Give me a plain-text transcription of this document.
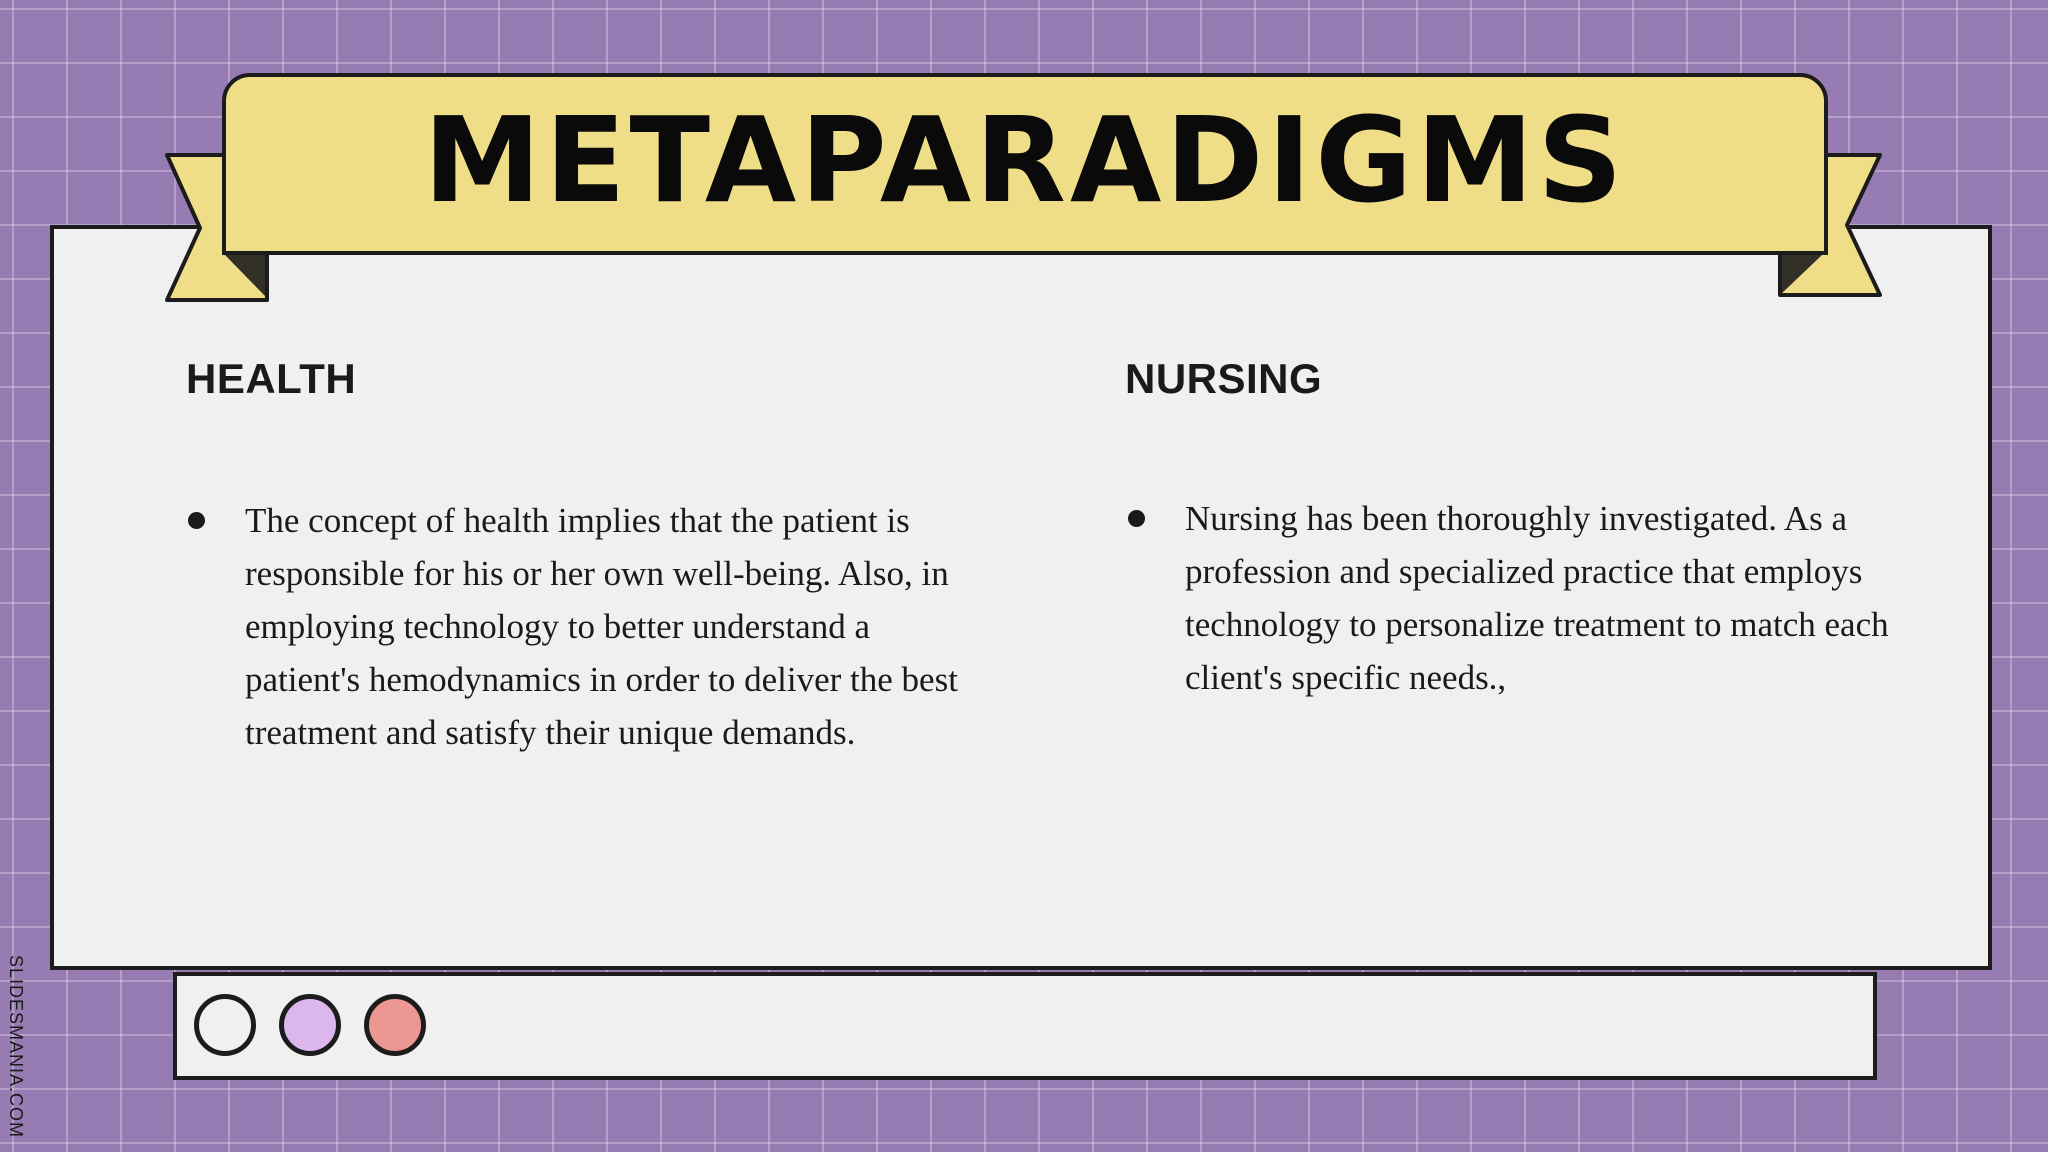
METAPARADIGMS
HEALTH	NURSING
The concept of health implies that the patient is responsible for his or her own well-being. Also, in employing technology to better understand a patient's hemodynamics in order to deliver the best treatment and satisfy their unique demands.
Nursing has been thoroughly investigated. As a profession and specialized practice that employs technology to personalize treatment to match each client's specific needs.,
SLIDESMANIA.COM
